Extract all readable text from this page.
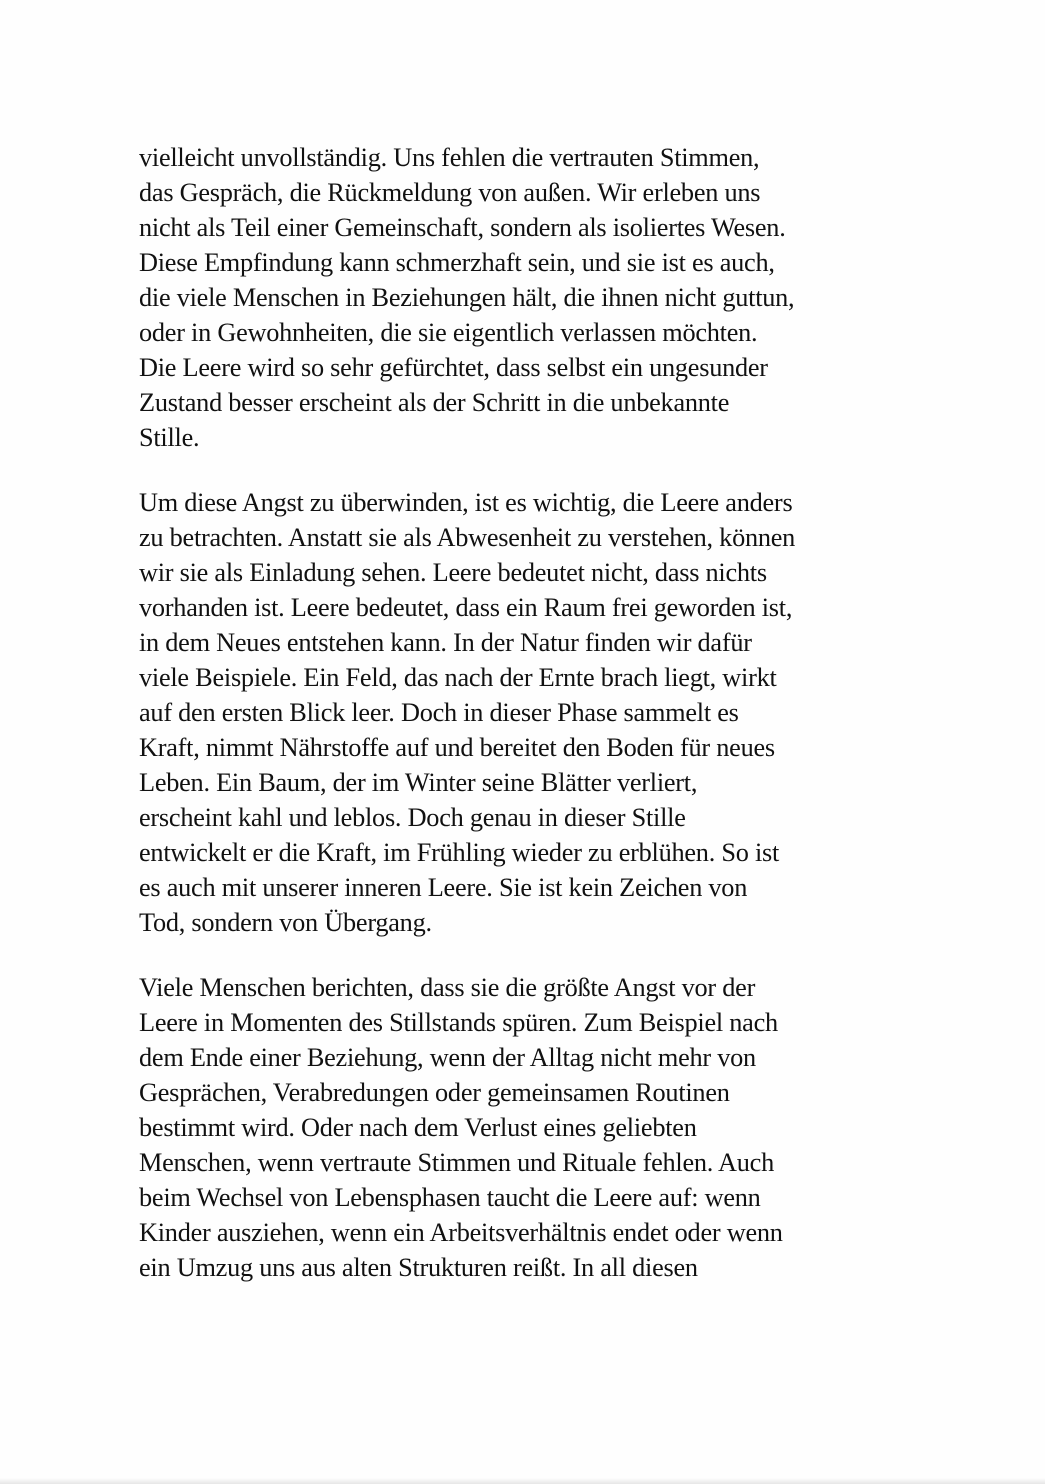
vielleicht unvollständig. Uns fehlen die vertrauten Stimmen,
das Gespräch, die Rückmeldung von außen. Wir erleben uns
nicht als Teil einer Gemeinschaft, sondern als isoliertes Wesen.
Diese Empfindung kann schmerzhaft sein, und sie ist es auch,
die viele Menschen in Beziehungen hält, die ihnen nicht guttun,
oder in Gewohnheiten, die sie eigentlich verlassen möchten.
Die Leere wird so sehr gefürchtet, dass selbst ein ungesunder
Zustand besser erscheint als der Schritt in die unbekannte
Stille.

Um diese Angst zu überwinden, ist es wichtig, die Leere anders
zu betrachten. Anstatt sie als Abwesenheit zu verstehen, können
wir sie als Einladung sehen. Leere bedeutet nicht, dass nichts
vorhanden ist. Leere bedeutet, dass ein Raum frei geworden ist,
in dem Neues entstehen kann. In der Natur finden wir dafür
viele Beispiele. Ein Feld, das nach der Ernte brach liegt, wirkt
auf den ersten Blick leer. Doch in dieser Phase sammelt es
Kraft, nimmt Nährstoffe auf und bereitet den Boden für neues
Leben. Ein Baum, der im Winter seine Blätter verliert,
erscheint kahl und leblos. Doch genau in dieser Stille
entwickelt er die Kraft, im Frühling wieder zu erblühen. So ist
es auch mit unserer inneren Leere. Sie ist kein Zeichen von
Tod, sondern von Übergang.

Viele Menschen berichten, dass sie die größte Angst vor der
Leere in Momenten des Stillstands spüren. Zum Beispiel nach
dem Ende einer Beziehung, wenn der Alltag nicht mehr von
Gesprächen, Verabredungen oder gemeinsamen Routinen
bestimmt wird. Oder nach dem Verlust eines geliebten
Menschen, wenn vertraute Stimmen und Rituale fehlen. Auch
beim Wechsel von Lebensphasen taucht die Leere auf: wenn
Kinder ausziehen, wenn ein Arbeitsverhältnis endet oder wenn
ein Umzug uns aus alten Strukturen reißt. In all diesen
